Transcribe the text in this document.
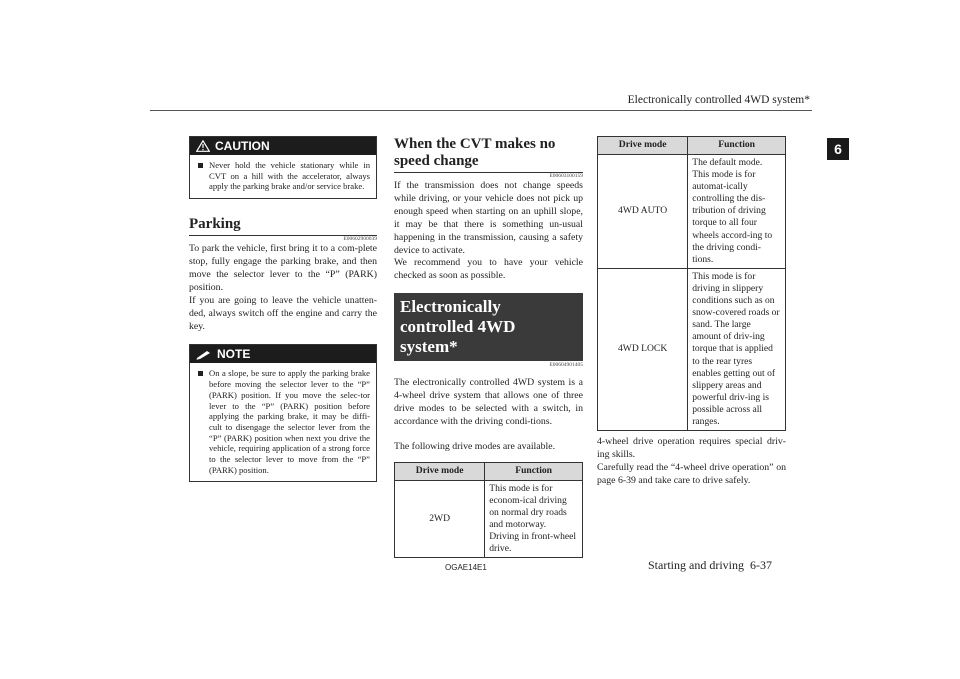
Electronically controlled 4WD system*
6
CAUTION
Never hold the vehicle stationary while in CVT on a hill with the accelerator, always apply the parking brake and/or service brake.
Parking
E00602900039

To park the vehicle, first bring it to a com-plete stop, fully engage the parking brake, and then move the selector lever to the “P” (PARK) position.

If you are going to leave the vehicle unatten-ded, always switch off the engine and carry the key.

NOTE
On a slope, be sure to apply the parking brake before moving the selector lever to the “P” (PARK) position. If you move the selec-tor lever to the “P” (PARK) position before applying the parking brake, it may be diffi-cult to disengage the selector lever from the “P” (PARK) position when next you drive the vehicle, requiring application of a strong force to the selector lever to move from the “P” (PARK) position.
When the CVT makes no speed change
E00603100159

If the transmission does not change speeds while driving, or your vehicle does not pick up enough speed when starting on an uphill slope, it may be that there is something un-usual happening in the transmission, causing a safety device to activate.

We recommend you to have your vehicle checked as soon as possible.

Electronically controlled 4WD system*
E00604901405

The electronically controlled 4WD system is a 4-wheel drive system that allows one of three drive modes to be selected with a switch, in accordance with the driving condi-tions.

The following drive modes are available.

Drive mode	Function
2WD	This mode is for econom-ical driving on normal dry roads and motorway. Driving in front-wheel drive.
Drive mode	Function
4WD AUTO	The default mode. This mode is for automat-ically controlling the dis-tribution of driving torque to all four wheels accord-ing to the driving condi-tions.
4WD LOCK	This mode is for driving in slippery conditions such as on snow-covered roads or sand. The large amount of driv-ing torque that is applied to the rear tyres enables getting out of slippery areas and powerful driv-ing is possible across all ranges.

4-wheel drive operation requires special driv-ing skills.

Carefully read the “4-wheel drive operation” on page 6-39 and take care to drive safely.

OGAE14E1	Starting and driving 6-37
